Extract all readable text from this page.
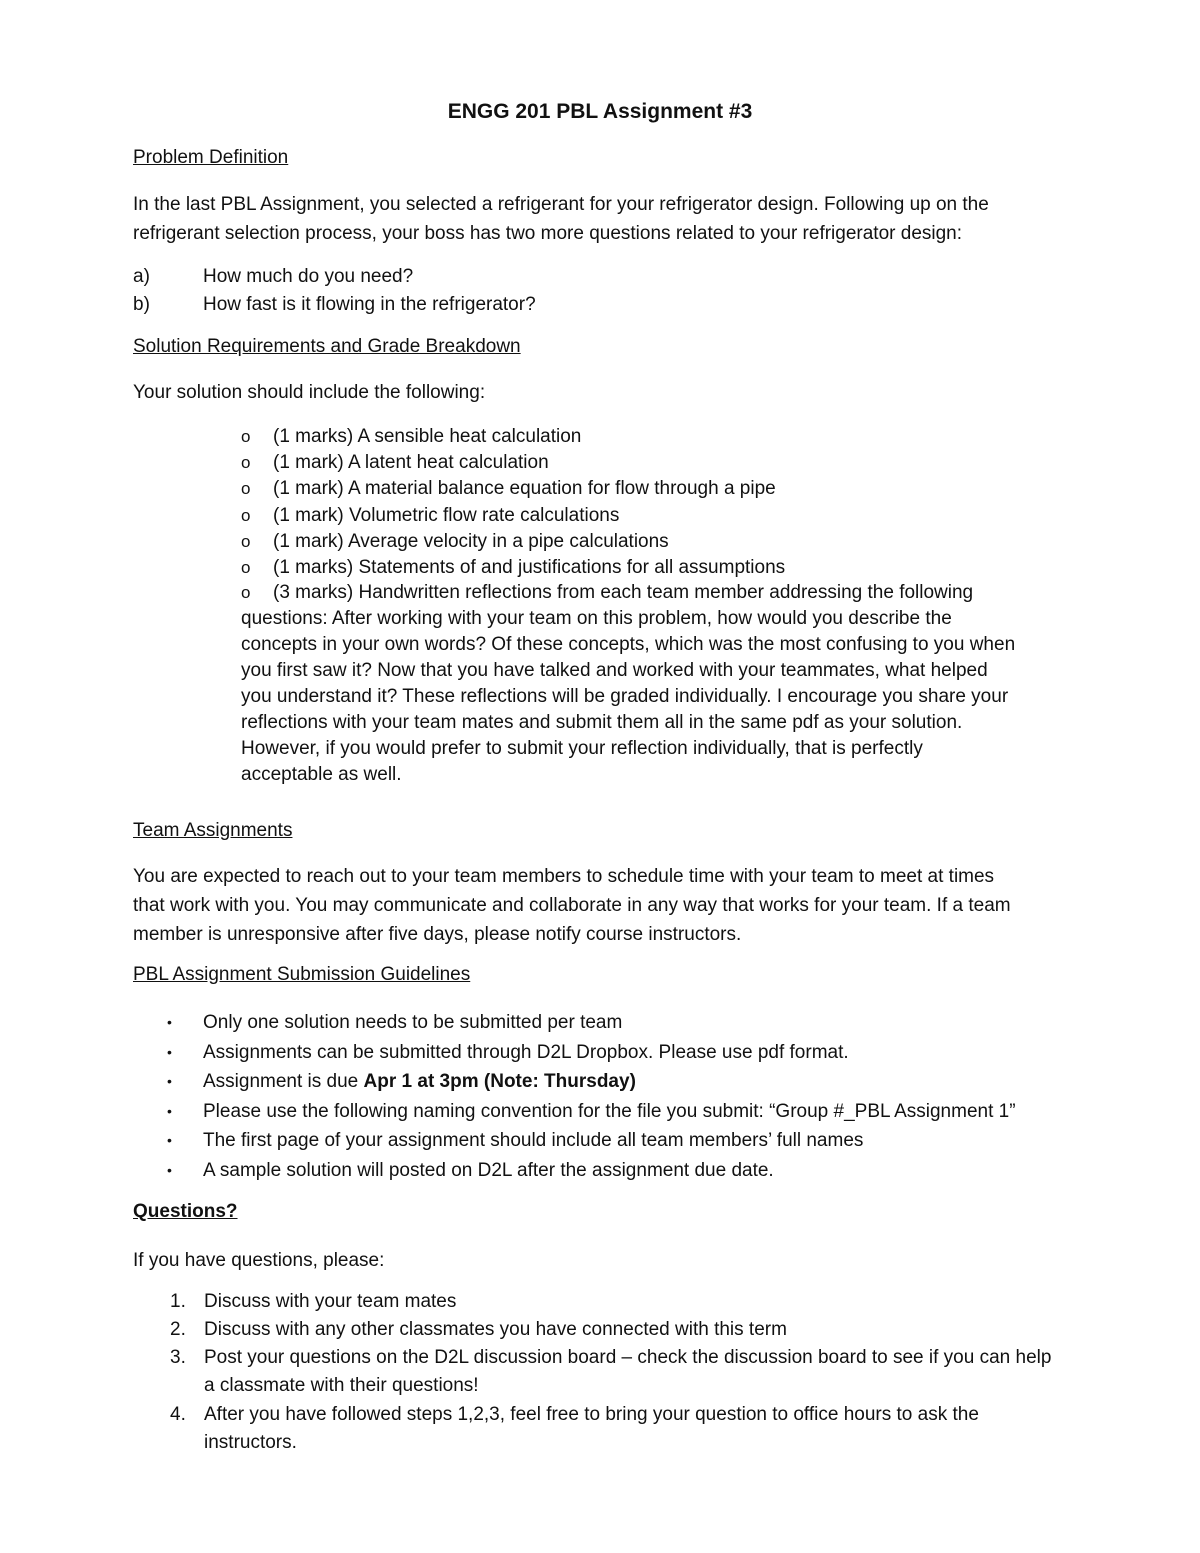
ENGG 201 PBL Assignment #3
Problem Definition

In the last PBL Assignment, you selected a refrigerant for your refrigerator design. Following up on the
refrigerant selection process, your boss has two more questions related to your refrigerator design:

a)	How much do you need?
b)	How fast is it flowing in the refrigerator?
Solution Requirements and Grade Breakdown

Your solution should include the following:

o (1 marks) A sensible heat calculation
o (1 mark) A latent heat calculation
o (1 mark) A material balance equation for flow through a pipe
o (1 mark) Volumetric flow rate calculations
o (1 mark) Average velocity in a pipe calculations
o (1 marks) Statements of and justifications for all assumptions
o (3 marks) Handwritten reflections from each team member addressing the following
questions: After working with your team on this problem, how would you describe the
concepts in your own words? Of these concepts, which was the most confusing to you when
you first saw it? Now that you have talked and worked with your teammates, what helped
you understand it? These reflections will be graded individually. I encourage you share your
reflections with your team mates and submit them all in the same pdf as your solution.
However, if you would prefer to submit your reflection individually, that is perfectly
acceptable as well.
Team Assignments

You are expected to reach out to your team members to schedule time with your team to meet at times
that work with you. You may communicate and collaborate in any way that works for your team. If a team
member is unresponsive after five days, please notify course instructors.

PBL Assignment Submission Guidelines
• Only one solution needs to be submitted per team
• Assignments can be submitted through D2L Dropbox. Please use pdf format.
• Assignment is due Apr 1 at 3pm (Note: Thursday)
• Please use the following naming convention for the file you submit: “Group #_PBL Assignment 1”
• The first page of your assignment should include all team members’ full names
• A sample solution will posted on D2L after the assignment due date.
Questions?

If you have questions, please:

1. Discuss with your team mates
2. Discuss with any other classmates you have connected with this term
3. Post your questions on the D2L discussion board – check the discussion board to see if you can help a classmate with their questions!
4. After you have followed steps 1,2,3, feel free to bring your question to office hours to ask the instructors.
